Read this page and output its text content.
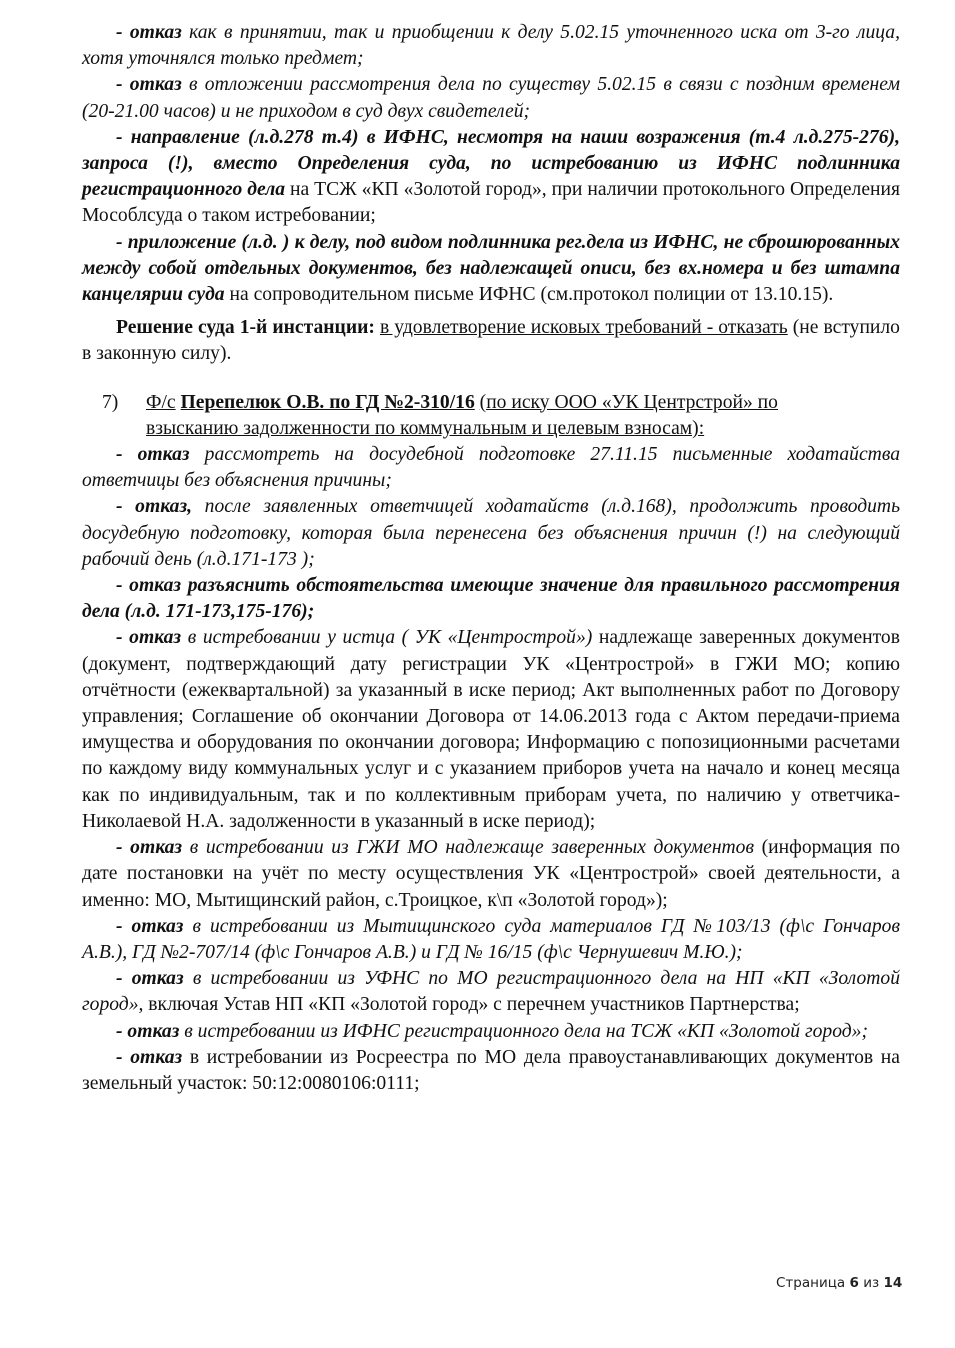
- отказ как в принятии, так и приобщении к делу 5.02.15 уточненного иска от 3-го лица, хотя уточнялся только предмет;

- отказ в отложении рассмотрения дела по существу 5.02.15 в связи с поздним временем (20-21.00 часов) и не приходом в суд двух свидетелей;

- направление (л.д.278 т.4) в ИФНС, несмотря на наши возражения (т.4 л.д.275-276), запроса (!), вместо Определения суда, по истребованию из ИФНС подлинника регистрационного дела на ТСЖ «КП «Золотой город», при наличии протокольного Определения Мособлсуда о таком истребовании;

- приложение (л.д. ) к делу, под видом подлинника рег.дела из ИФНС, не сброшюрованных между собой отдельных документов, без надлежащей описи, без вх.номера и без штампа канцелярии суда на сопроводительном письме ИФНС (см.протокол полиции от 13.10.15).

Решение суда 1-й инстанции: в удовлетворение исковых требований - отказать (не вступило в законную силу).

7) Ф/с Перепелюк О.В. по ГД №2-310/16 (по иску ООО «УК Центрстрой» по взысканию задолженности по коммунальным и целевым взносам):

- отказ рассмотреть на досудебной подготовке 27.11.15 письменные ходатайства ответчицы без объяснения причины;

- отказ, после заявленных ответчицей ходатайств (л.д.168), продолжить проводить досудебную подготовку, которая была перенесена без объяснения причин (!) на следующий рабочий день (л.д.171-173 );

- отказ разъяснить обстоятельства имеющие значение для правильного рассмотрения дела (л.д. 171-173,175-176);

- отказ в истребовании у истца ( УК «Центрострой») надлежаще заверенных документов (документ, подтверждающий дату регистрации УК «Центрострой» в ГЖИ МО; копию отчётности (ежеквартальной) за указанный в иске период; Акт выполненных работ по Договору управления; Соглашение об окончании Договора от 14.06.2013 года с Актом передачи-приема имущества и оборудования по окончании договора; Информацию с попозиционными расчетами по каждому виду коммунальных услуг и с указанием приборов учета на начало и конец месяца как по индивидуальным, так и по коллективным приборам учета, по наличию у ответчика-Николаевой Н.А. задолженности в указанный в иске период);

- отказ в истребовании из ГЖИ МО надлежаще заверенных документов (информация по дате постановки на учёт по месту осуществления УК «Центрострой» своей деятельности, а именно: МО, Мытищинский район, с.Троицкое, к\п «Золотой город»);

- отказ в истребовании из Мытищинского суда материалов ГД №103/13 (ф\с Гончаров А.В.), ГД №2-707/14 (ф\с Гончаров А.В.) и ГД № 16/15 (ф\с Чернушевич М.Ю.);

- отказ в истребовании из УФНС по МО регистрационного дела на НП «КП «Золотой город», включая Устав НП «КП «Золотой город» с перечнем участников Партнерства;

- отказ в истребовании из ИФНС регистрационного дела на ТСЖ «КП «Золотой город»;

- отказ в истребовании из Росреестра по МО дела правоустанавливающих документов на земельный участок: 50:12:0080106:0111;

Страница 6 из 14
